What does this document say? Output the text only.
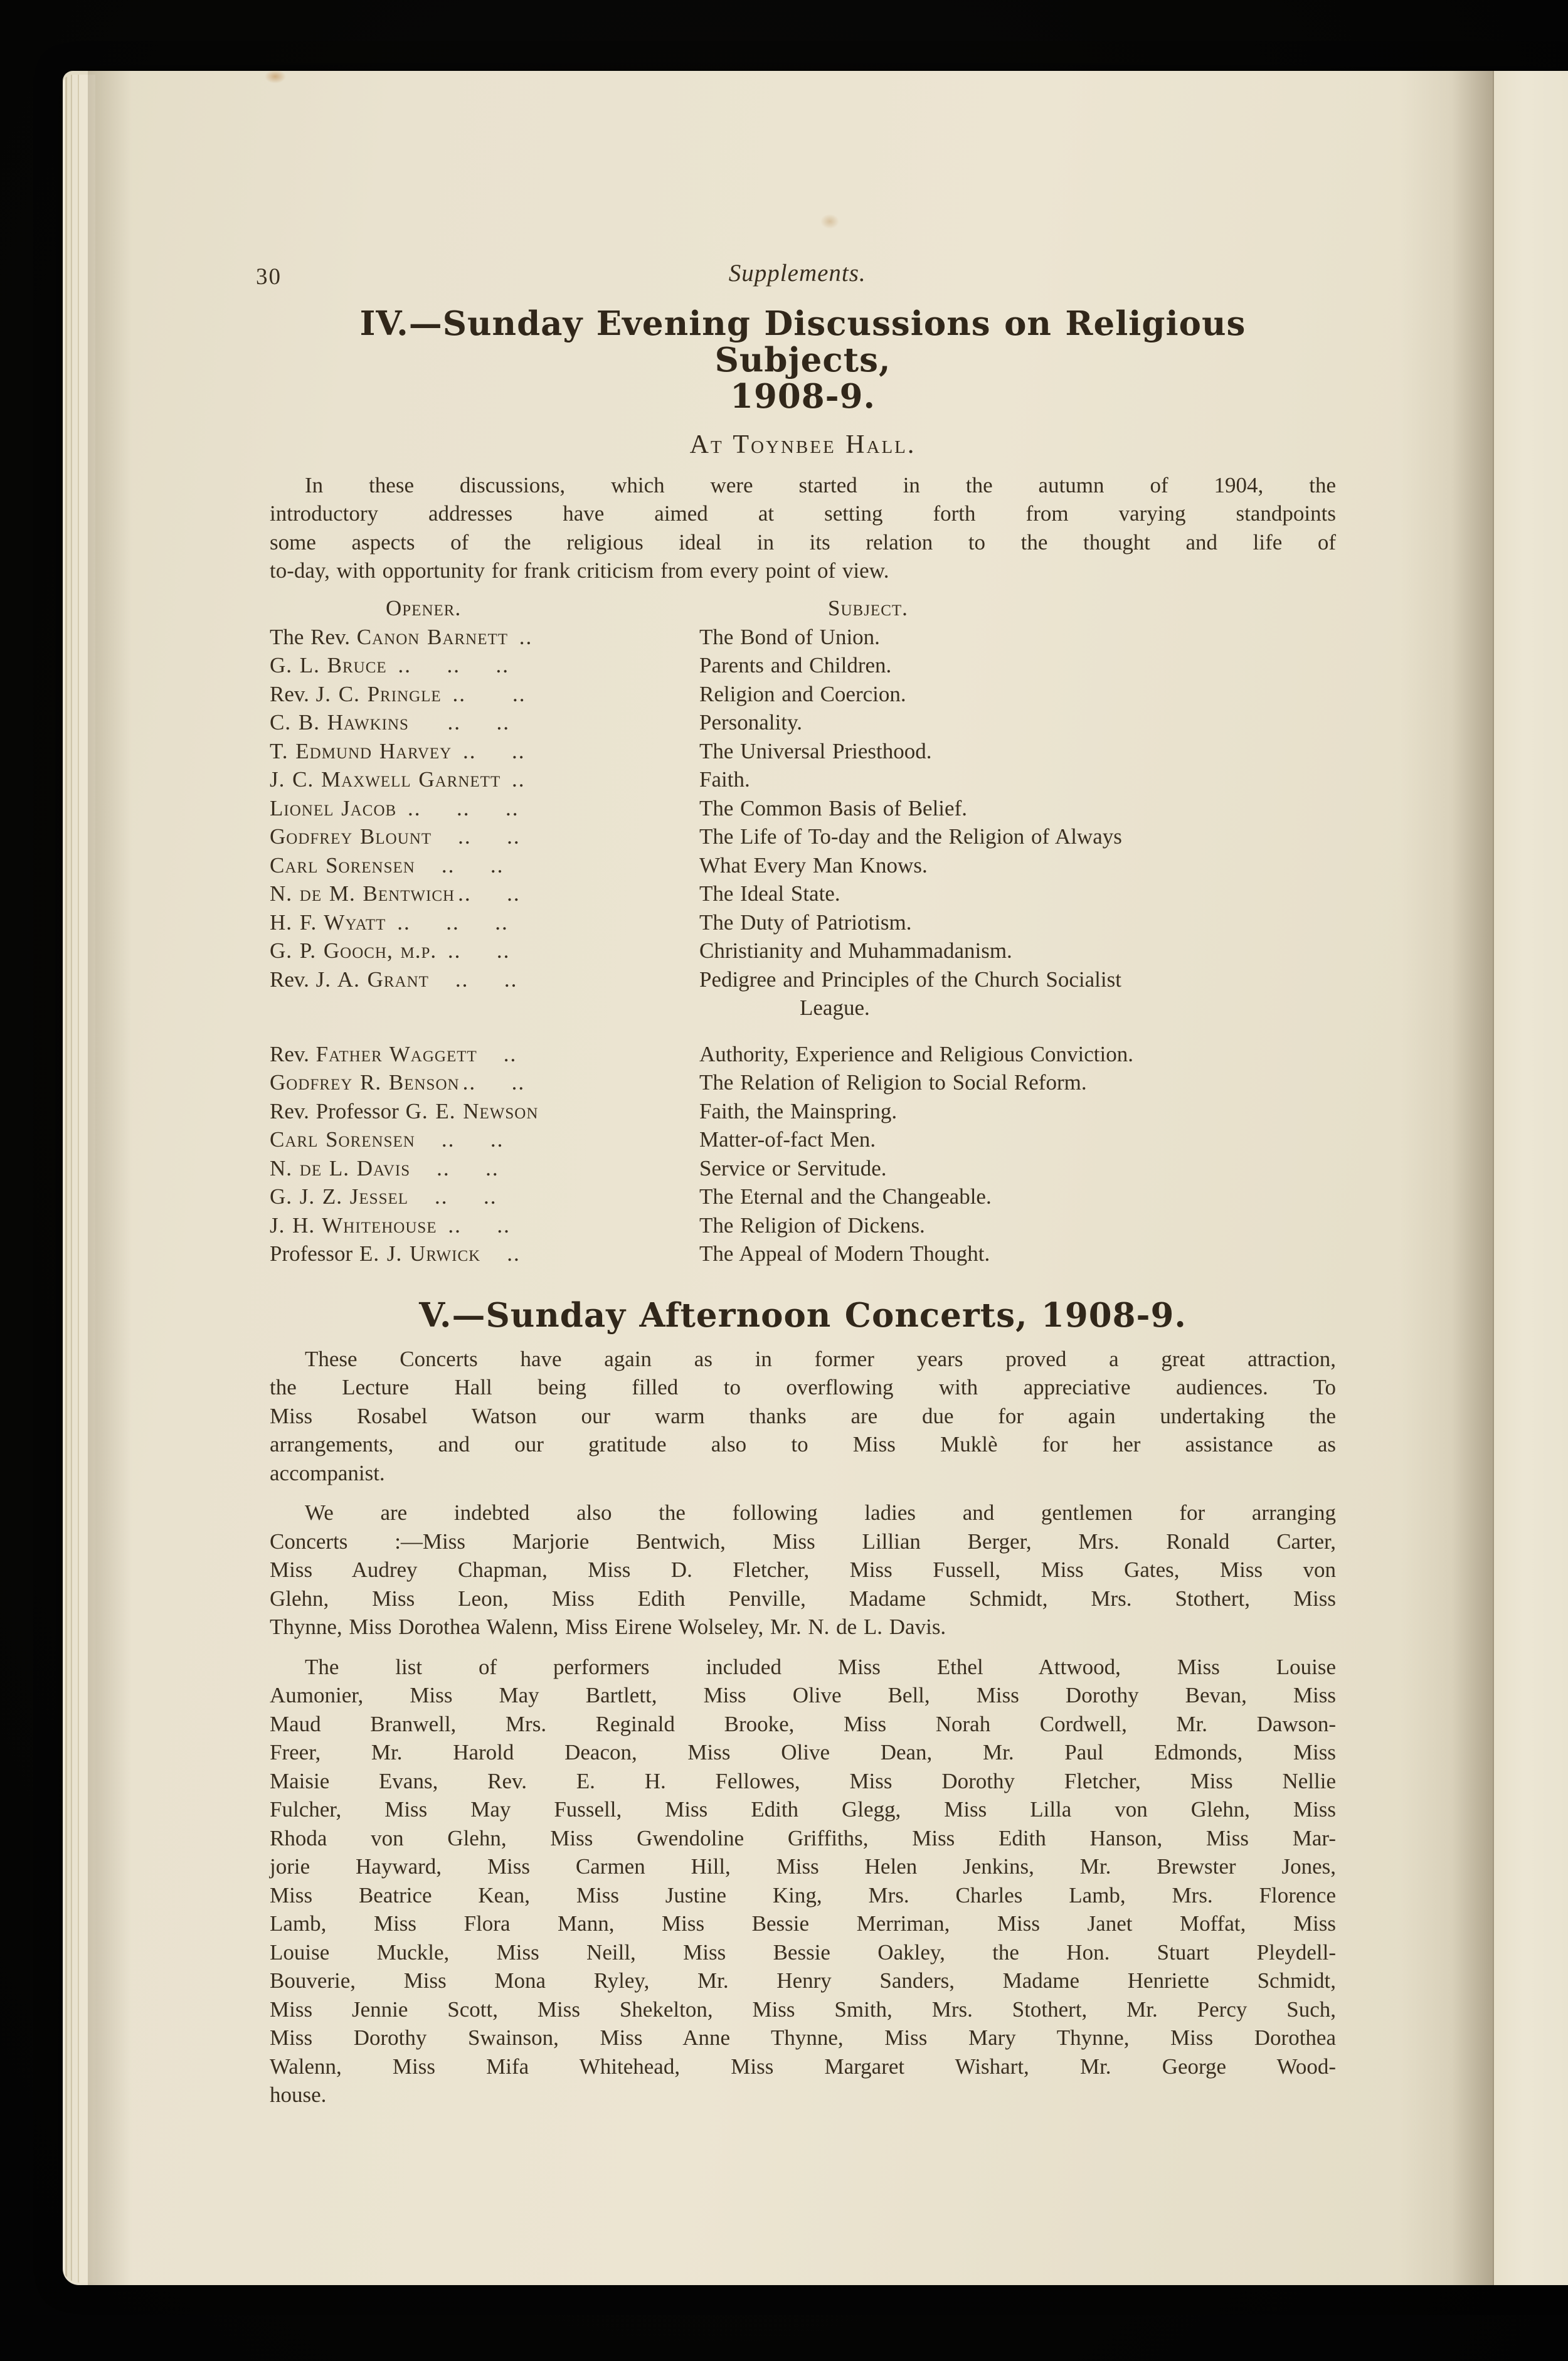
30	Supplements.
IV.—Sunday Evening Discussions on Religious Subjects,
1908-9.
At Toynbee Hall.
In these discussions, which were started in the autumn of 1904, the
introductory addresses have aimed at setting forth from varying standpoints
some aspects of the religious ideal in its relation to the thought and life of
to-day, with opportunity for frank criticism from every point of view.
Opener.	Subject.
The Rev. Canon Barnett ..	The Bond of Union.
G. L. Bruce ..  ..  ..	Parents and Children.
Rev. J. C. Pringle ..  ..	Religion and Coercion.
C. B. Hawkins  ..  ..	Personality.
T. Edmund Harvey ..  ..	The Universal Priesthood.
J. C. Maxwell Garnett ..	Faith.
Lionel Jacob ..  ..  ..	The Common Basis of Belief.
Godfrey Blount ..  ..	The Life of To-day and the Religion of Always
Carl Sorensen ..  ..	What Every Man Knows.
N. de M. Bentwich ..  ..	The Ideal State.
H. F. Wyatt ..  ..  ..	The Duty of Patriotism.
G. P. Gooch, m.p. ..  ..	Christianity and Muhammadanism.
Rev. J. A. Grant ..  ..	Pedigree and Principles of the Church Socialist
League.
Rev. Father Waggett ..	Authority, Experience and Religious Conviction.
Godfrey R. Benson ..  ..	The Relation of Religion to Social Reform.
Rev. Professor G. E. Newson	Faith, the Mainspring.
Carl Sorensen ..  ..	Matter-of-fact Men.
N. de L. Davis ..  ..	Service or Servitude.
G. J. Z. Jessel ..  ..	The Eternal and the Changeable.
J. H. Whitehouse ..  ..	The Religion of Dickens.
Professor E. J. Urwick ..	The Appeal of Modern Thought.
V.—Sunday Afternoon Concerts, 1908-9.
These Concerts have again as in former years proved a great attraction,
the Lecture Hall being filled to overflowing with appreciative audiences. To
Miss Rosabel Watson our warm thanks are due for again undertaking the
arrangements, and our gratitude also to Miss Muklè for her assistance as
accompanist.
We are indebted also the following ladies and gentlemen for arranging
Concerts :—Miss Marjorie Bentwich, Miss Lillian Berger, Mrs. Ronald Carter,
Miss Audrey Chapman, Miss D. Fletcher, Miss Fussell, Miss Gates, Miss von
Glehn, Miss Leon, Miss Edith Penville, Madame Schmidt, Mrs. Stothert, Miss
Thynne, Miss Dorothea Walenn, Miss Eirene Wolseley, Mr. N. de L. Davis.
The list of performers included Miss Ethel Attwood, Miss Louise
Aumonier, Miss May Bartlett, Miss Olive Bell, Miss Dorothy Bevan, Miss
Maud Branwell, Mrs. Reginald Brooke, Miss Norah Cordwell, Mr. Dawson-
Freer, Mr. Harold Deacon, Miss Olive Dean, Mr. Paul Edmonds, Miss
Maisie Evans, Rev. E. H. Fellowes, Miss Dorothy Fletcher, Miss Nellie
Fulcher, Miss May Fussell, Miss Edith Glegg, Miss Lilla von Glehn, Miss
Rhoda von Glehn, Miss Gwendoline Griffiths, Miss Edith Hanson, Miss Mar-
jorie Hayward, Miss Carmen Hill, Miss Helen Jenkins, Mr. Brewster Jones,
Miss Beatrice Kean, Miss Justine King, Mrs. Charles Lamb, Mrs. Florence
Lamb, Miss Flora Mann, Miss Bessie Merriman, Miss Janet Moffat, Miss
Louise Muckle, Miss Neill, Miss Bessie Oakley, the Hon. Stuart Pleydell-
Bouverie, Miss Mona Ryley, Mr. Henry Sanders, Madame Henriette Schmidt,
Miss Jennie Scott, Miss Shekelton, Miss Smith, Mrs. Stothert, Mr. Percy Such,
Miss Dorothy Swainson, Miss Anne Thynne, Miss Mary Thynne, Miss Dorothea
Walenn, Miss Mifa Whitehead, Miss Margaret Wishart, Mr. George Wood-
house.
